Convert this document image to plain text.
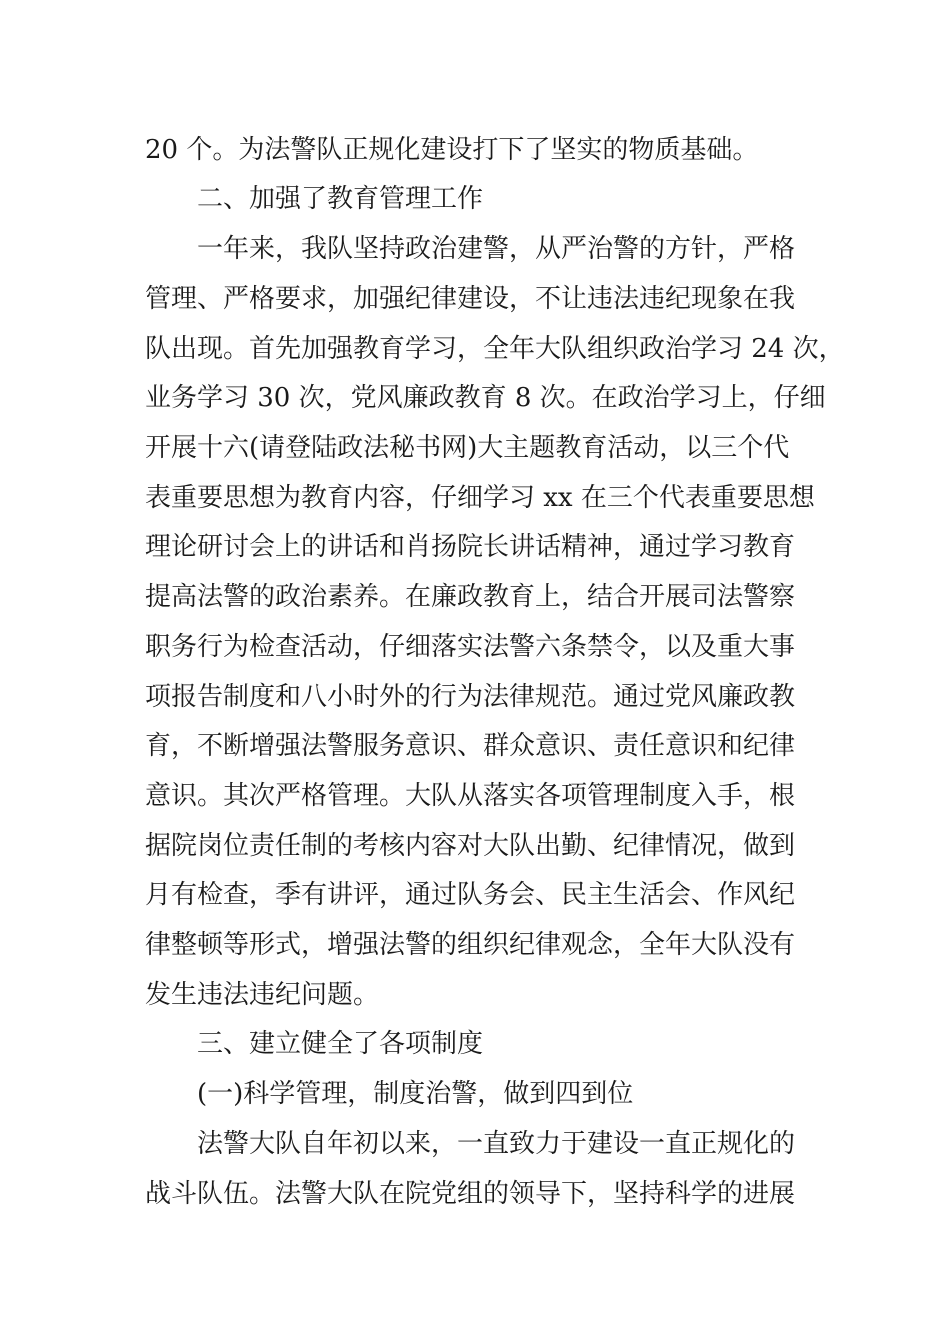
20 个。为法警队正规化建设打下了坚实的物质基础。

二、加强了教育管理工作

一年来，我队坚持政治建警，从严治警的方针，严格

管理、严格要求，加强纪律建设，不让违法违纪现象在我

队出现。首先加强教育学习，全年大队组织政治学习 24 次，

业务学习 30 次，党风廉政教育 8 次。在政治学习上，仔细

开展十六(请登陆政法秘书网)大主题教育活动，以三个代

表重要思想为教育内容，仔细学习 xx 在三个代表重要思想

理论研讨会上的讲话和肖扬院长讲话精神，通过学习教育

提高法警的政治素养。在廉政教育上，结合开展司法警察

职务行为检查活动，仔细落实法警六条禁令，以及重大事

项报告制度和八小时外的行为法律规范。通过党风廉政教

育，不断增强法警服务意识、群众意识、责任意识和纪律

意识。其次严格管理。大队从落实各项管理制度入手，根

据院岗位责任制的考核内容对大队出勤、纪律情况，做到

月有检查，季有讲评，通过队务会、民主生活会、作风纪

律整顿等形式，增强法警的组织纪律观念，全年大队没有

发生违法违纪问题。

三、建立健全了各项制度

(一)科学管理，制度治警，做到四到位

法警大队自年初以来，一直致力于建设一直正规化的

战斗队伍。法警大队在院党组的领导下，坚持科学的进展
